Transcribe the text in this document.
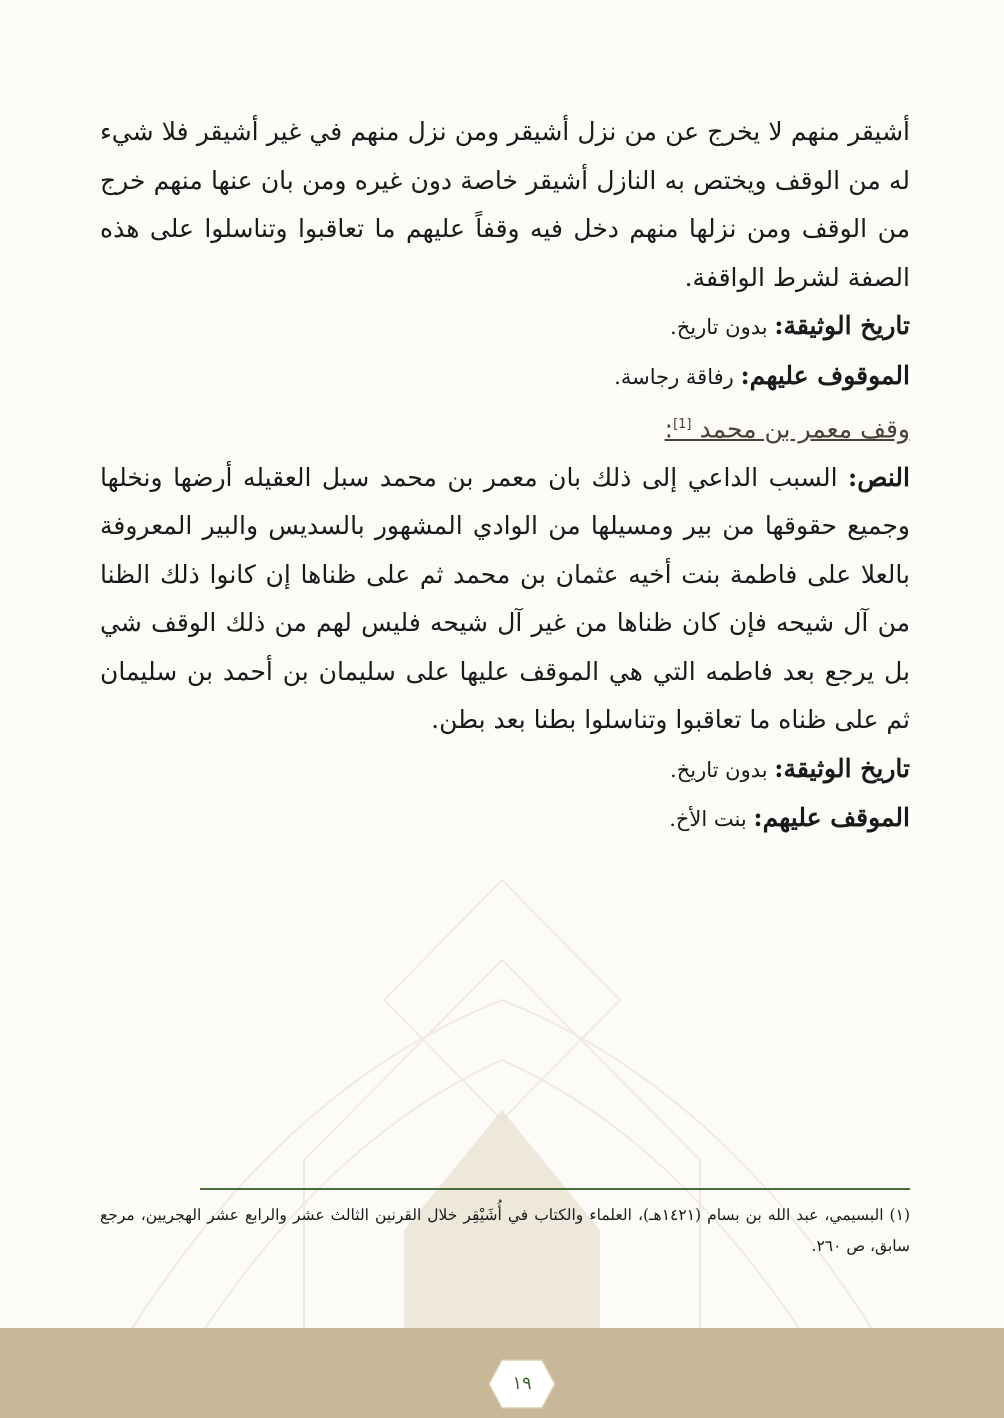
أشيقر منهم لا يخرج عن من نزل أشيقر ومن نزل منهم في غير أشيقر فلا شيء له من الوقف ويختص به النازل أشيقر خاصة دون غيره ومن بان عنها منهم خرج من الوقف ومن نزلها منهم دخل فيه وقفاً عليهم ما تعاقبوا وتناسلوا على هذه الصفة لشرط الواقفة.

تاريخ الوثيقة: بدون تاريخ.
الموقوف عليهم: رفاقة رجاسة.
وقف معمر بن محمد [1]:

النص: السبب الداعي إلى ذلك بان معمر بن محمد سبل العقيله أرضها ونخلها وجميع حقوقها من بير ومسيلها من الوادي المشهور بالسديس والبير المعروفة بالعلا على فاطمة بنت أخيه عثمان بن محمد ثم على ظناها إن كانوا ذلك الظنا من آل شيحه فإن كان ظناها من غير آل شيحه فليس لهم من ذلك الوقف شي بل يرجع بعد فاطمه التي هي الموقف عليها على سليمان بن أحمد بن سليمان ثم على ظناه ما تعاقبوا وتناسلوا بطنا بعد بطن.

تاريخ الوثيقة: بدون تاريخ.
الموقف عليهم: بنت الأخ.
(١) البسيمي، عبد الله بن بسام (١٤٢١هـ)، العلماء والكتاب في أُشَيْقِر خلال القرنين الثالث عشر والرابع عشر الهجريين، مرجع سابق، ص ٢٦٠.
١٩
